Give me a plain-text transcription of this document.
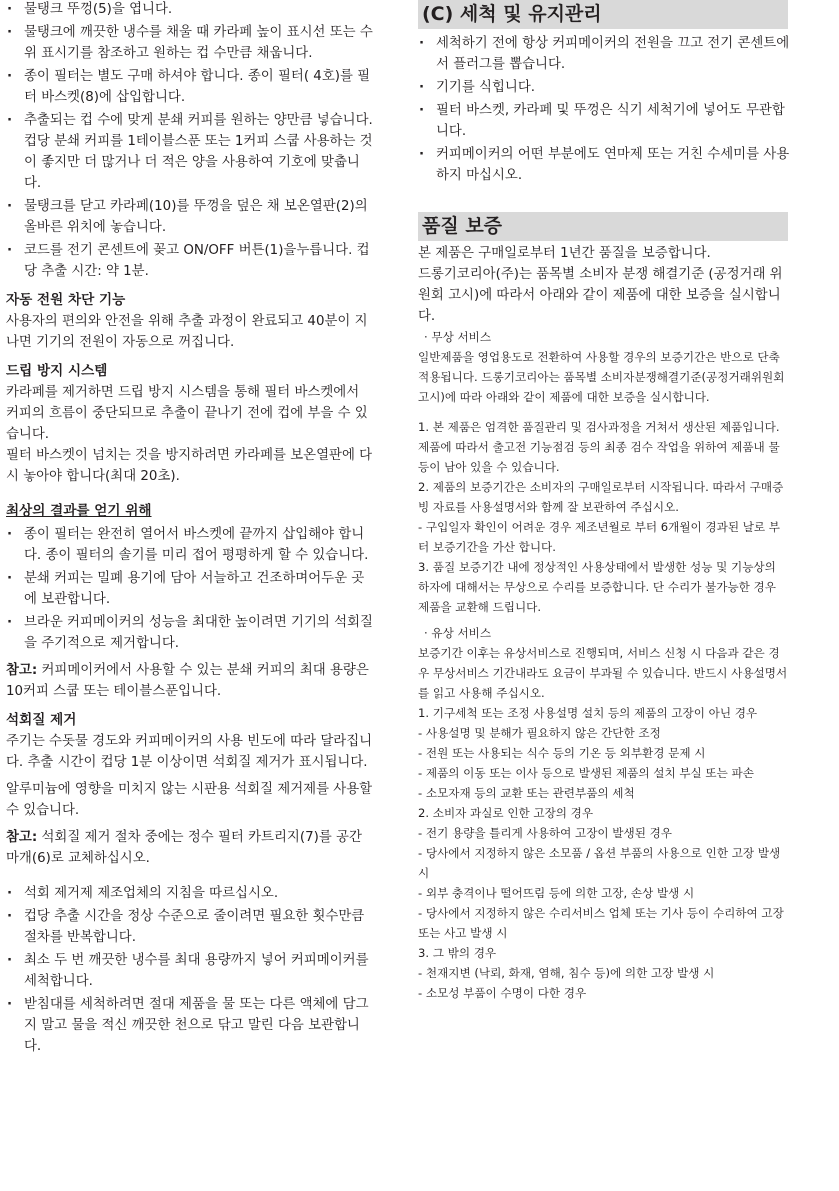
· 물탱크 뚜껑(5)을 엽니다.
· 물탱크에 깨끗한 냉수를 채울 때 카라페 높이 표시선 또는 수위 표시기를 참조하고 원하는 컵 수만큼 채웁니다.
· 종이 필터는 별도 구매 하셔야 합니다. 종이 필터( 4호)를 필터 바스켓(8)에 삽입합니다.
· 추출되는 컵 수에 맞게 분쇄 커피를 원하는 양만큼 넣습니다. 컵당 분쇄 커피를 1테이블스푼 또는 1커피 스쿱 사용하는 것이 좋지만 더 많거나 더 적은 양을 사용하여 기호에 맞춥니다.
· 물탱크를 닫고 카라페(10)를 뚜껑을 덮은 채 보온열판(2)의 올바른 위치에 놓습니다.
· 코드를 전기 콘센트에 꽂고 ON/OFF 버튼(1)을누릅니다. 컵당 추출 시간: 약 1분.
자동 전원 차단 기능
사용자의 편의와 안전을 위해 추출 과정이 완료되고 40분이 지나면 기기의 전원이 자동으로 꺼집니다.
드립 방지 시스템
카라페를 제거하면 드립 방지 시스템을 통해 필터 바스켓에서 커피의 흐름이 중단되므로 추출이 끝나기 전에 컵에 부을 수 있습니다.
필터 바스켓이 넘치는 것을 방지하려면 카라페를 보온열판에 다시 놓아야 합니다(최대 20초).
최상의 결과를 얻기 위해
· 종이 필터는 완전히 열어서 바스켓에 끝까지 삽입해야 합니다. 종이 필터의 솔기를 미리 접어 평평하게 할 수 있습니다.
· 분쇄 커피는 밀폐 용기에 담아 서늘하고 건조하며어두운 곳에 보관합니다.
· 브라운 커피메이커의 성능을 최대한 높이려면 기기의 석회질을 주기적으로 제거합니다.
참고: 커피메이커에서 사용할 수 있는 분쇄 커피의 최대 용량은 10커피 스쿱 또는 테이블스푼입니다.
석회질 제거
주기는 수돗물 경도와 커피메이커의 사용 빈도에 따라 달라집니다. 추출 시간이 컵당 1분 이상이면 석회질 제거가 표시됩니다.
알루미늄에 영향을 미치지 않는 시판용 석회질 제거제를 사용할 수 있습니다.
참고: 석회질 제거 절차 중에는 정수 필터 카트리지(7)를 공간 마개(6)로 교체하십시오.
· 석회 제거제 제조업체의 지침을 따르십시오.
· 컵당 추출 시간을 정상 수준으로 줄이려면 필요한 횟수만큼 절차를 반복합니다.
· 최소 두 번 깨끗한 냉수를 최대 용량까지 넣어 커피메이커를 세척합니다.
· 받침대를 세척하려면 절대 제품을 물 또는 다른 액체에 담그지 말고 물을 적신 깨끗한 천으로 닦고 말린 다음 보관합니다.
(C) 세척 및 유지관리
· 세척하기 전에 항상 커피메이커의 전원을 끄고 전기 콘센트에서 플러그를 뽑습니다.
· 기기를 식힙니다.
· 필터 바스켓, 카라페 및 뚜껑은 식기 세척기에 넣어도 무관합니다.
· 커피메이커의 어떤 부분에도 연마제 또는 거친 수세미를 사용하지 마십시오.
품질 보증
본 제품은 구매일로부터 1년간 품질을 보증합니다.
드롱기코리아(주)는 품목별 소비자 분쟁 해결기준 (공정거래 위원회 고시)에 따라서 아래와 같이 제품에 대한 보증을 실시합니다.
· 무상 서비스
일반제품을 영업용도로 전환하여 사용할 경우의 보증기간은 반으로 단축 적용됩니다. 드롱기코리아는 품목별 소비자분쟁해결기준(공정거래위원회 고시)에 따라 아래와 같이 제품에 대한 보증을 실시합니다.
1. 본 제품은 엄격한 품질관리 및 검사과정을 거쳐서 생산된 제품입니다. 제품에 따라서 출고전 기능점검 등의 최종 검수 작업을 위하여 제품내 물 등이 남아 있을 수 있습니다.
2. 제품의 보증기간은 소비자의 구매일로부터 시작됩니다. 따라서 구매증빙 자료를 사용설명서와 함께 잘 보관하여 주십시오.
- 구입일자 확인이 어려운 경우 제조년월로 부터 6개월이 경과된 날로 부터 보증기간을 가산 합니다.
3. 품질 보증기간 내에 정상적인 사용상태에서 발생한 성능 및 기능상의 하자에 대해서는 무상으로 수리를 보증합니다. 단 수리가 불가능한 경우 제품을 교환해 드립니다.
· 유상 서비스
보증기간 이후는 유상서비스로 진행되며, 서비스 신청 시 다음과 같은 경우 무상서비스 기간내라도 요금이 부과될 수 있습니다. 반드시 사용설명서를 읽고 사용해 주십시오.
1. 기구세척 또는 조정 사용설명 설치 등의 제품의 고장이 아닌 경우
- 사용설명 및 분해가 필요하지 않은 간단한 조정
- 전원 또는 사용되는 식수 등의 기온 등 외부환경 문제 시
- 제품의 이동 또는 이사 등으로 발생된 제품의 설치 부실 또는 파손
- 소모자재 등의 교환 또는 관련부품의 세척
2. 소비자 과실로 인한 고장의 경우
- 전기 용량을 틀리게 사용하여 고장이 발생된 경우
- 당사에서 지정하지 않은 소모품 / 옵션 부품의 사용으로 인한 고장 발생 시
- 외부 충격이나 떨어뜨림 등에 의한 고장, 손상 발생 시
- 당사에서 지정하지 않은 수리서비스 업체 또는 기사 등이 수리하여 고장
또는 사고 발생 시
3. 그 밖의 경우
- 천재지변 (낙뢰, 화재, 염해, 침수 등)에 의한 고장 발생 시
- 소모성 부품이 수명이 다한 경우
